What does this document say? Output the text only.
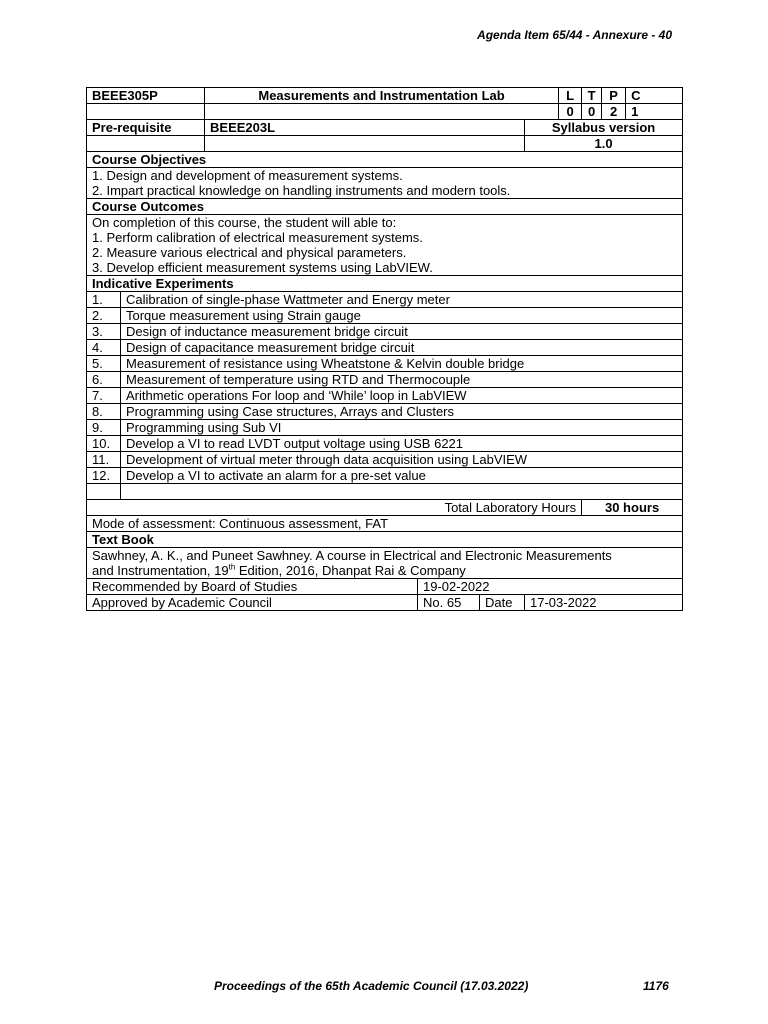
Agenda Item 65/44 - Annexure - 40
BEEE305P		Measurements and Instrumentation Lab				L	T	P	C
						0	0	2	1
Pre-requisite		BEEE203L			Syllabus version				
					1.0				
Course Objectives									

1. Design and development of measurement systems.
2. Impart practical knowledge on handling instruments and modern tools.									

Course Outcomes									

On completion of this course, the student will able to:
1. Perform calibration of electrical measurement systems.
2. Measure various electrical and physical parameters.
3. Develop efficient measurement systems using LabVIEW.									

Indicative Experiments									
1.	Calibration of single-phase Wattmeter and Energy meter								
2.	Torque measurement using Strain gauge								
3.	Design of inductance measurement bridge circuit								
4.	Design of capacitance measurement bridge circuit								
5.	Measurement of resistance using Wheatstone & Kelvin double bridge								
6.	Measurement of temperature using RTD and Thermocouple								
7.	Arithmetic operations For loop and ‘While’ loop in LabVIEW								
8.	Programming using Case structures, Arrays and Clusters								
9.	Programming using Sub VI								
10.	Develop a VI to read LVDT output voltage using USB 6221								
11.	Development of virtual meter through data acquisition using LabVIEW								
12.	Develop a VI to activate an alarm for a pre-set value								

Total Laboratory Hours							30 hours		
Mode of assessment: Continuous assessment, FAT									
Text Book									

Sawhney, A. K., and Puneet Sawhney. A course in Electrical and Electronic Measurements
and Instrumentation, 19th Edition, 2016, Dhanpat Rai & Company									

Recommended by Board of Studies			19-02-2022						
Approved by Academic Council			No. 65	Date	17-03-2022				
Proceedings of the 65th Academic Council (17.03.2022)	1176
